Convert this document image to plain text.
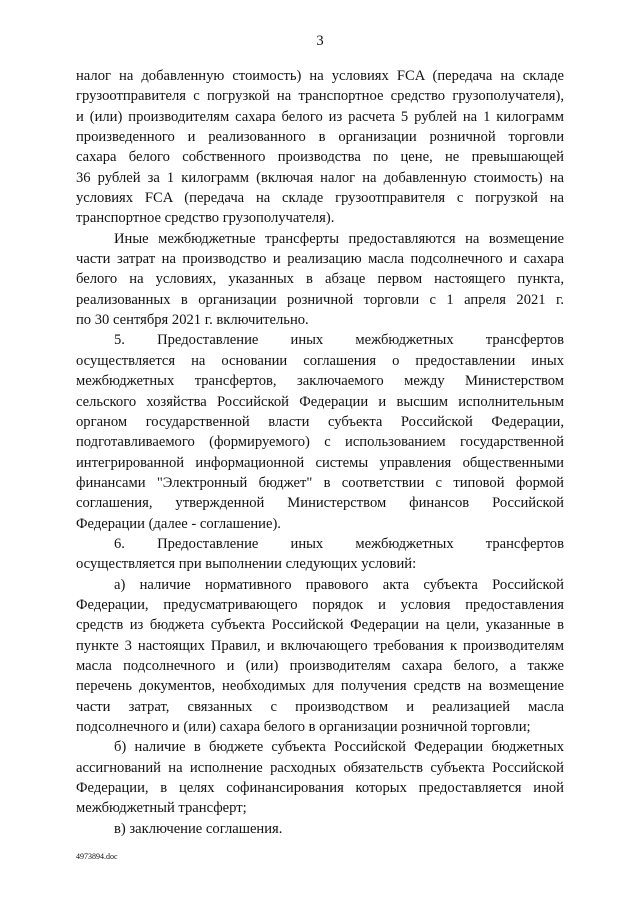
3
налог на добавленную стоимость) на условиях FCA (передача на складе
грузоотправителя с погрузкой на транспортное средство грузополучателя),
и (или) производителям сахара белого из расчета 5 рублей на 1 килограмм
произведенного и реализованного в организации розничной торговли
сахара белого собственного производства по цене, не превышающей
36 рублей за 1 килограмм (включая налог на добавленную стоимость) на
условиях FCA (передача на складе грузоотправителя с погрузкой на
транспортное средство грузополучателя).
Иные межбюджетные трансферты предоставляются на возмещение
части затрат на производство и реализацию масла подсолнечного и сахара
белого на условиях, указанных в абзаце первом настоящего пункта,
реализованных в организации розничной торговли с 1 апреля 2021 г.
по 30 сентября 2021 г. включительно.
5. Предоставление иных межбюджетных трансфертов
осуществляется на основании соглашения о предоставлении иных
межбюджетных трансфертов, заключаемого между Министерством
сельского хозяйства Российской Федерации и высшим исполнительным
органом государственной власти субъекта Российской Федерации,
подготавливаемого (формируемого) с использованием государственной
интегрированной информационной системы управления общественными
финансами "Электронный бюджет" в соответствии с типовой формой
соглашения, утвержденной Министерством финансов Российской
Федерации (далее - соглашение).
6. Предоставление иных межбюджетных трансфертов
осуществляется при выполнении следующих условий:
а) наличие нормативного правового акта субъекта Российской
Федерации, предусматривающего порядок и условия предоставления
средств из бюджета субъекта Российской Федерации на цели, указанные в
пункте 3 настоящих Правил, и включающего требования к производителям
масла подсолнечного и (или) производителям сахара белого, а также
перечень документов, необходимых для получения средств на возмещение
части затрат, связанных с производством и реализацией масла
подсолнечного и (или) сахара белого в организации розничной торговли;
б) наличие в бюджете субъекта Российской Федерации бюджетных
ассигнований на исполнение расходных обязательств субъекта Российской
Федерации, в целях софинансирования которых предоставляется иной
межбюджетный трансферт;
в) заключение соглашения.
4973894.doc
